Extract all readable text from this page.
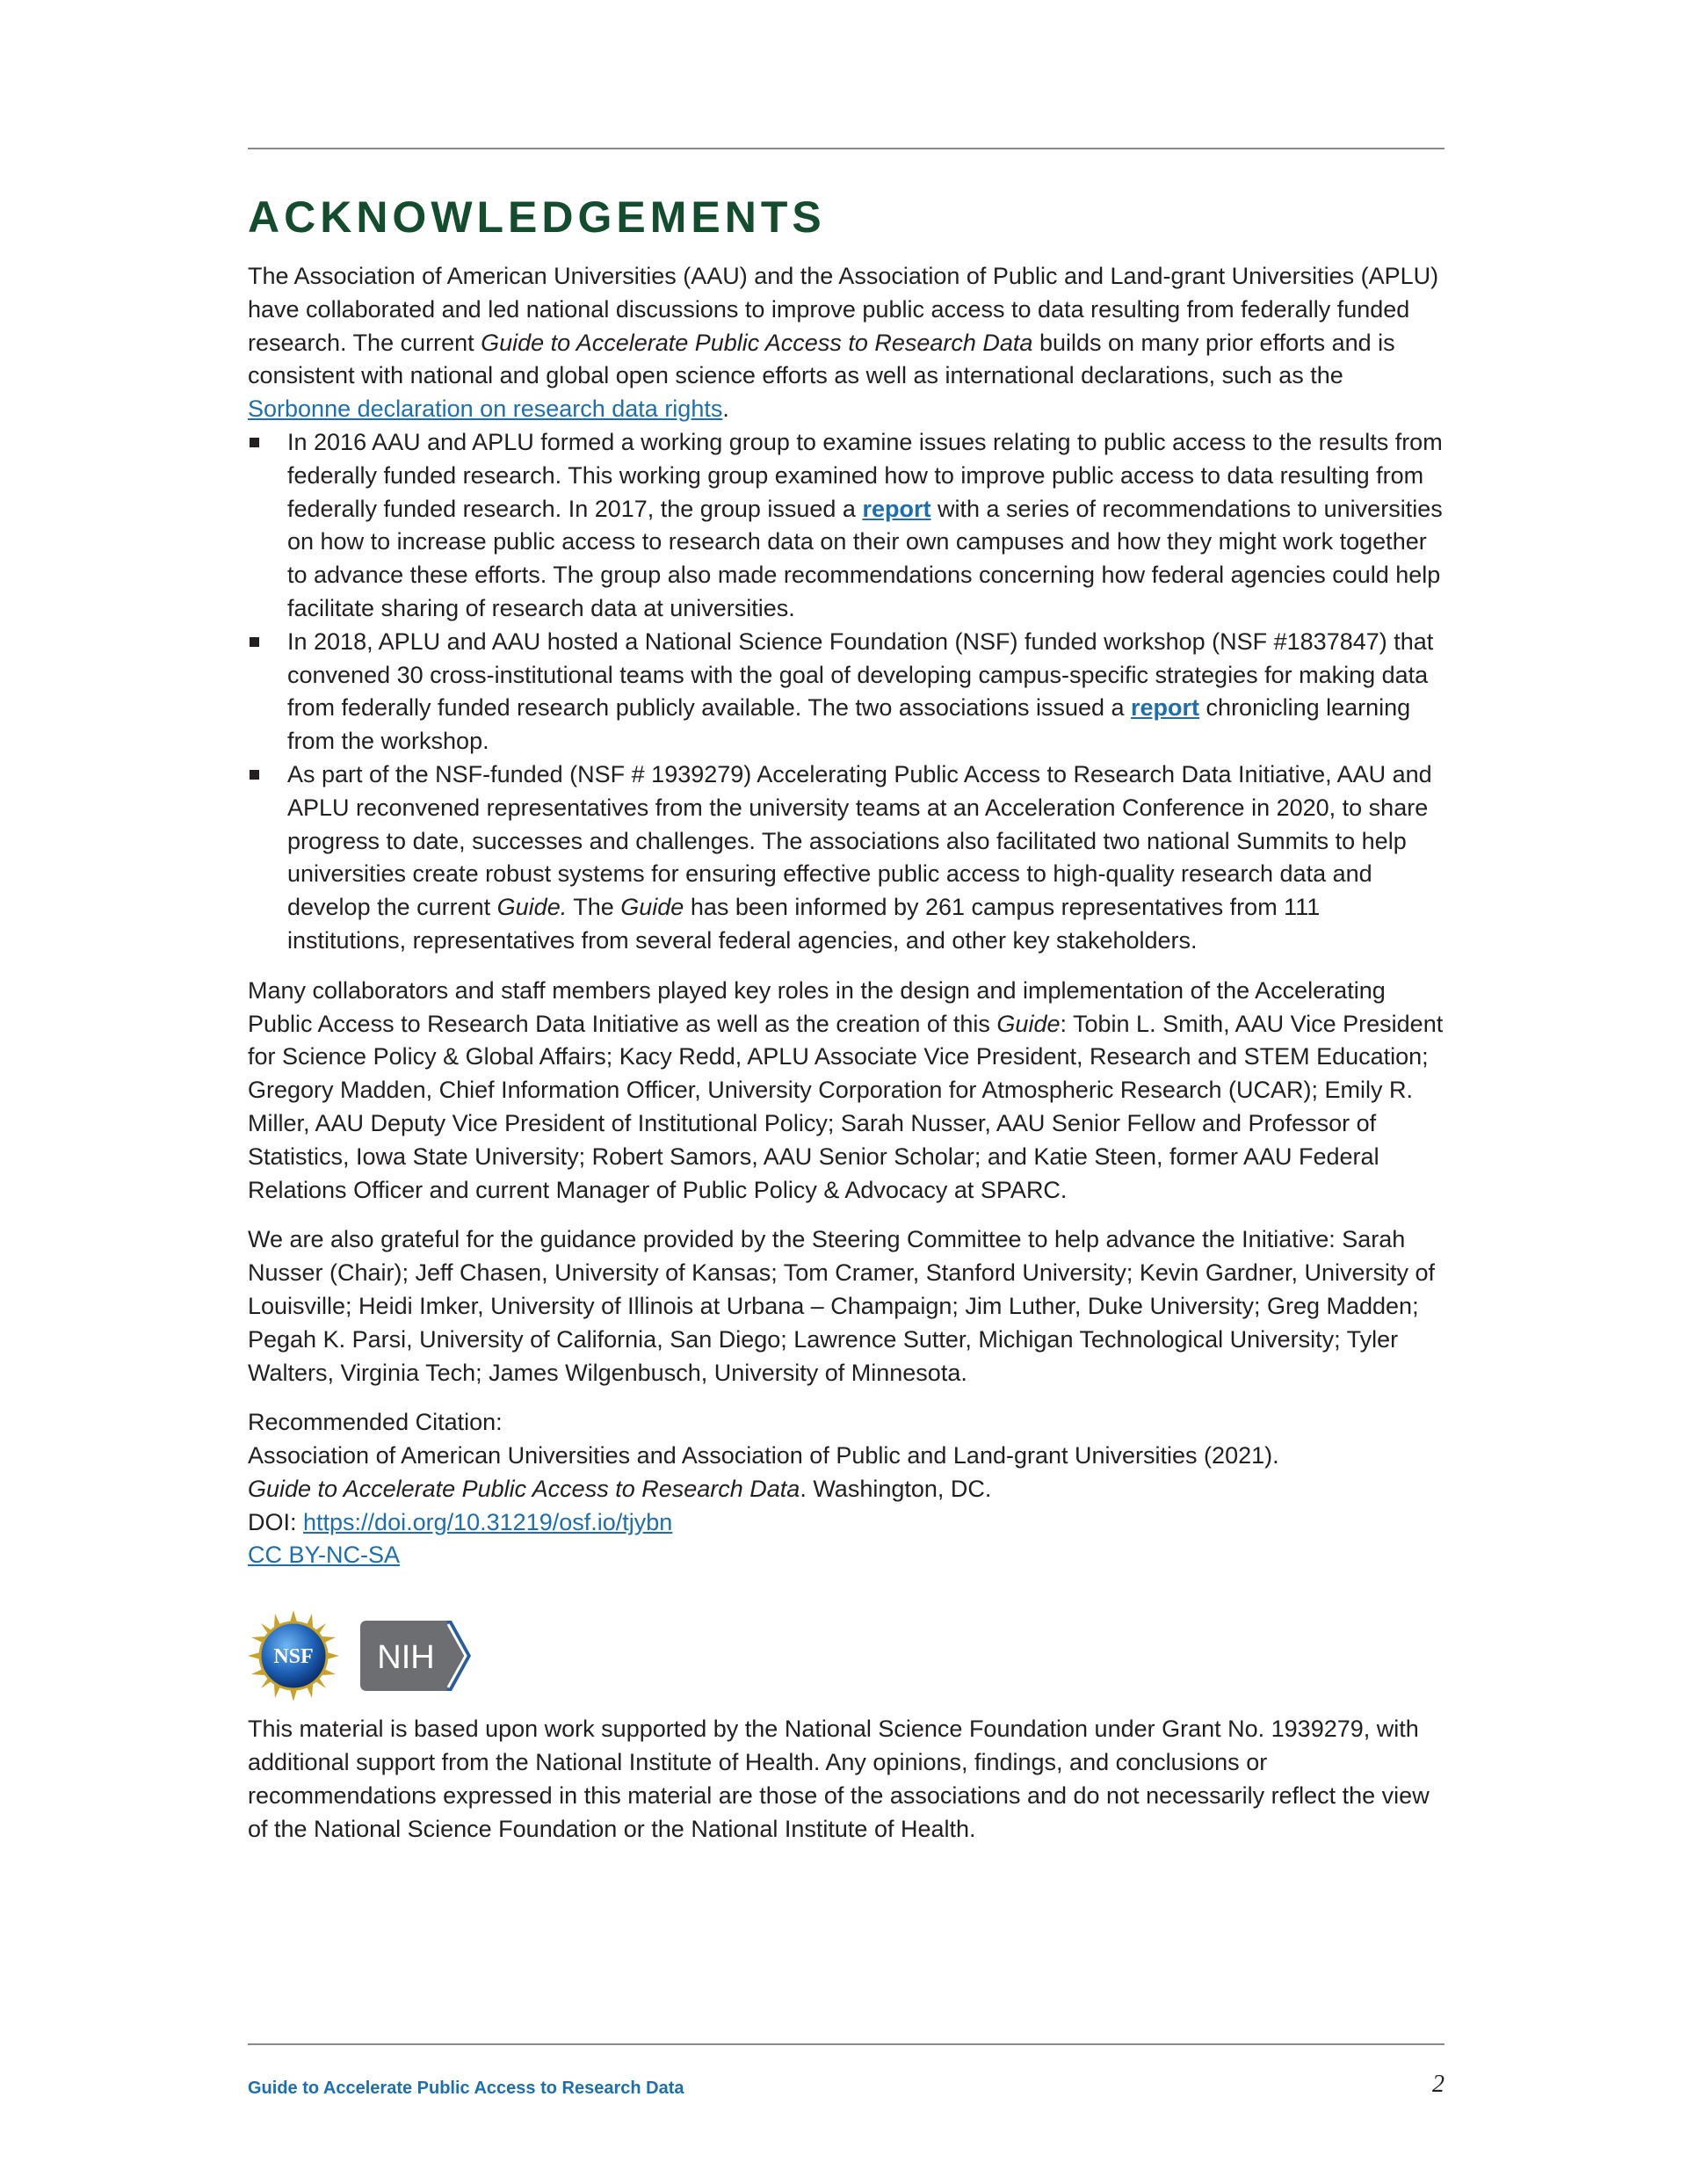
ACKNOWLEDGEMENTS
The Association of American Universities (AAU) and the Association of Public and Land-grant Universities (APLU) have collaborated and led national discussions to improve public access to data resulting from federally funded research. The current Guide to Accelerate Public Access to Research Data builds on many prior efforts and is consistent with national and global open science efforts as well as international declarations, such as the Sorbonne declaration on research data rights.
In 2016 AAU and APLU formed a working group to examine issues relating to public access to the results from federally funded research. This working group examined how to improve public access to data resulting from federally funded research. In 2017, the group issued a report with a series of recommendations to universities on how to increase public access to research data on their own campuses and how they might work together to advance these efforts. The group also made recommendations concerning how federal agencies could help facilitate sharing of research data at universities.
In 2018, APLU and AAU hosted a National Science Foundation (NSF) funded workshop (NSF #1837847) that convened 30 cross-institutional teams with the goal of developing campus-specific strategies for making data from federally funded research publicly available. The two associations issued a report chronicling learning from the workshop.
As part of the NSF-funded (NSF # 1939279) Accelerating Public Access to Research Data Initiative, AAU and APLU reconvened representatives from the university teams at an Acceleration Conference in 2020, to share progress to date, successes and challenges. The associations also facilitated two national Summits to help universities create robust systems for ensuring effective public access to high-quality research data and develop the current Guide. The Guide has been informed by 261 campus representatives from 111 institutions, representatives from several federal agencies, and other key stakeholders.

Many collaborators and staff members played key roles in the design and implementation of the Accelerating Public Access to Research Data Initiative as well as the creation of this Guide: Tobin L. Smith, AAU Vice President for Science Policy & Global Affairs; Kacy Redd, APLU Associate Vice President, Research and STEM Education; Gregory Madden, Chief Information Officer, University Corporation for Atmospheric Research (UCAR); Emily R. Miller, AAU Deputy Vice President of Institutional Policy; Sarah Nusser, AAU Senior Fellow and Professor of Statistics, Iowa State University; Robert Samors, AAU Senior Scholar; and Katie Steen, former AAU Federal Relations Officer and current Manager of Public Policy & Advocacy at SPARC.

We are also grateful for the guidance provided by the Steering Committee to help advance the Initiative: Sarah Nusser (Chair); Jeff Chasen, University of Kansas; Tom Cramer, Stanford University; Kevin Gardner, University of Louisville; Heidi Imker, University of Illinois at Urbana – Champaign; Jim Luther, Duke University; Greg Madden; Pegah K. Parsi, University of California, San Diego; Lawrence Sutter, Michigan Technological University; Tyler Walters, Virginia Tech; James Wilgenbusch, University of Minnesota.

Recommended Citation:
Association of American Universities and Association of Public and Land-grant Universities (2021).
Guide to Accelerate Public Access to Research Data. Washington, DC.
DOI: https://doi.org/10.31219/osf.io/tjybn
CC BY-NC-SA
NSF NIH

This material is based upon work supported by the National Science Foundation under Grant No. 1939279, with additional support from the National Institute of Health. Any opinions, findings, and conclusions or recommendations expressed in this material are those of the associations and do not necessarily reflect the view of the National Science Foundation or the National Institute of Health.

Guide to Accelerate Public Access to Research Data	2
